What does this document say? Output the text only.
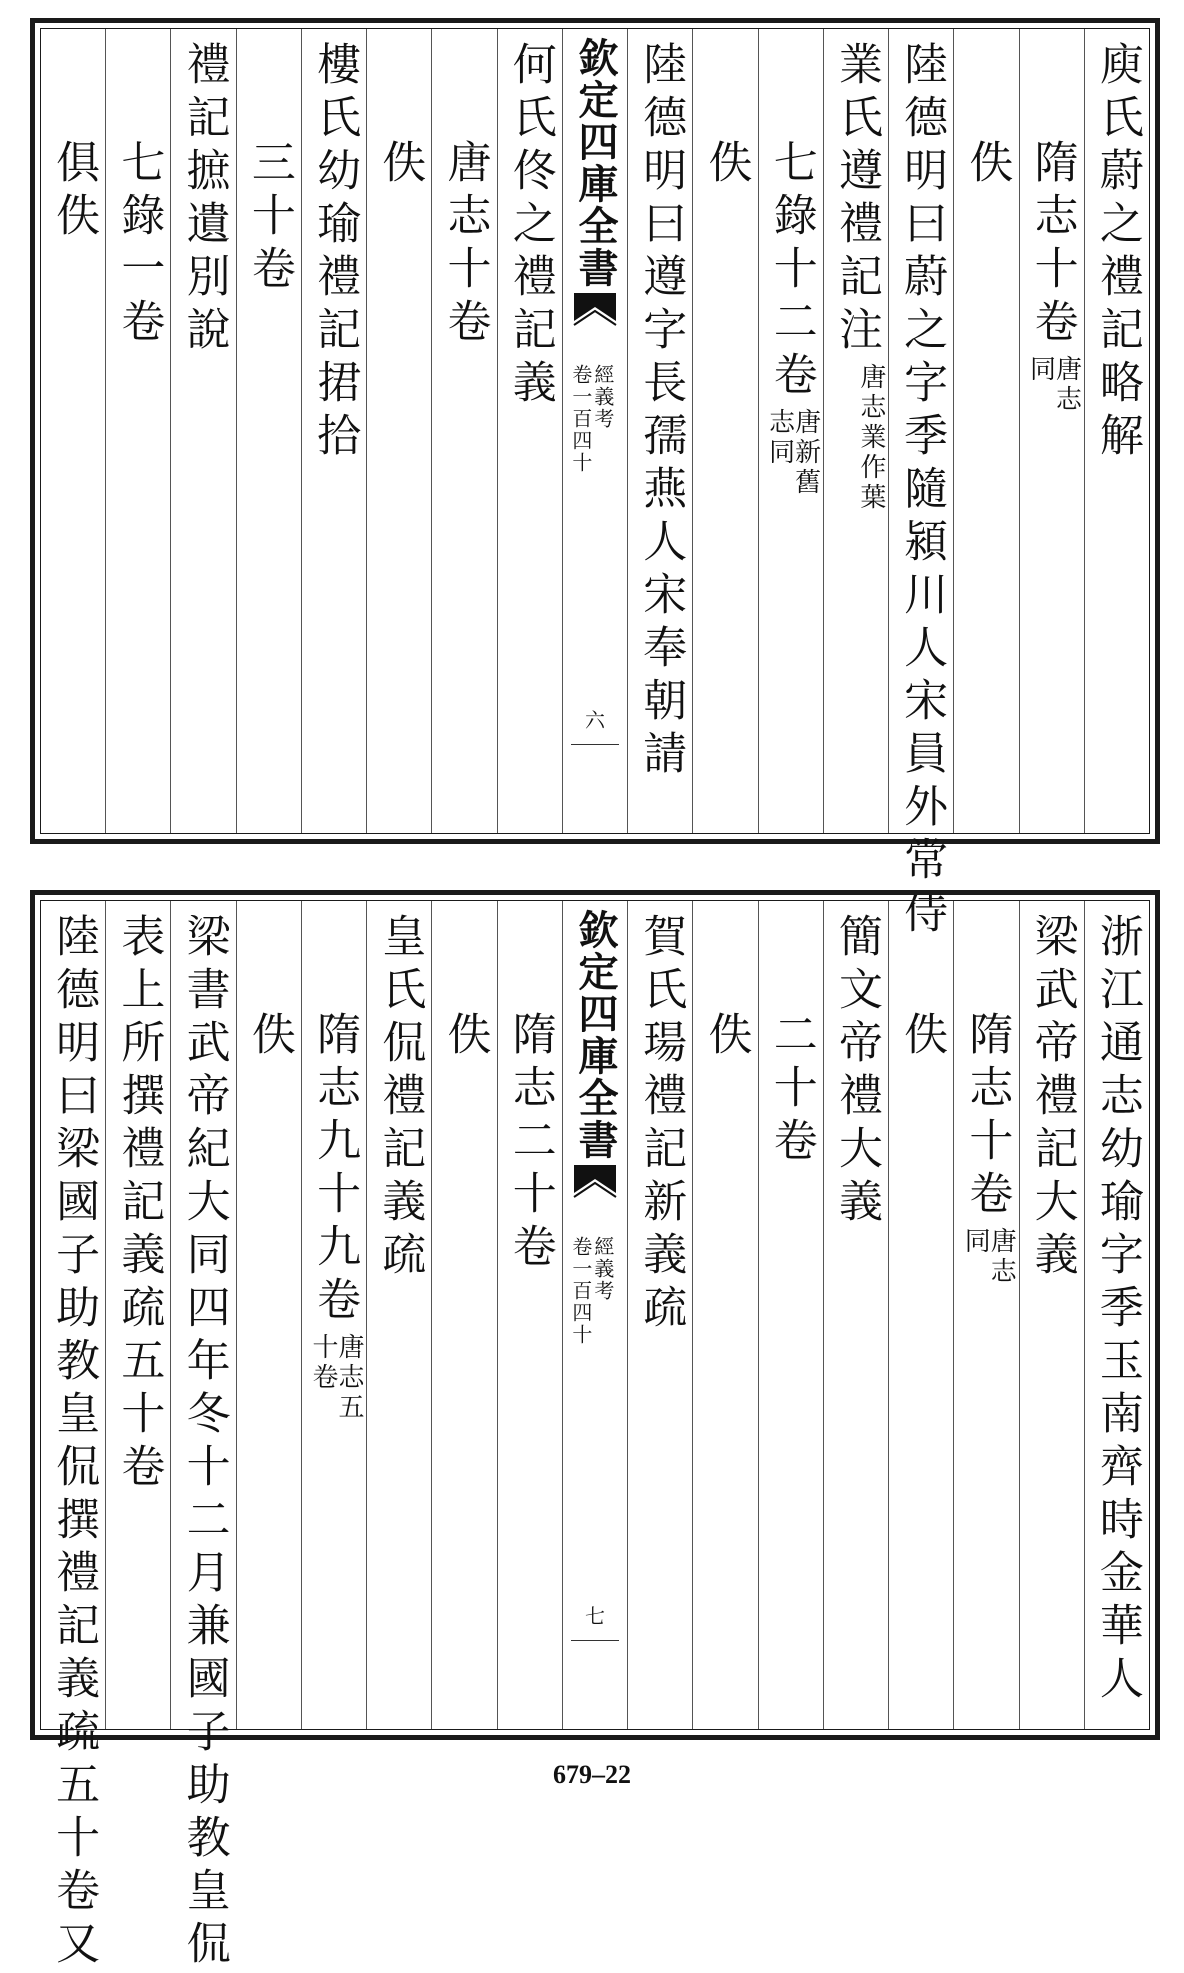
庾氏蔚之禮記略解
隋志十卷
唐志
同
佚
陸德明曰蔚之字季隨潁川人宋員外常侍
業氏遵禮記注
唐志業作葉
七錄十二卷
唐新舊
志同
佚
陸德明曰遵字長孺燕人宋奉朝請
欽定四庫全書
經義考
卷一百四十
六
何氏佟之禮記義
唐志十卷
佚
樓氏幼瑜禮記捃拾
三十卷
禮記摭遺別說
七錄一卷
俱佚
浙江通志幼瑜字季玉南齊時金華人
梁武帝禮記大義
隋志十卷
唐志
同
佚
簡文帝禮大義
二十卷
佚
賀氏瑒禮記新義疏
欽定四庫全書
經義考
卷一百四十
七
隋志二十卷
佚
皇氏侃禮記義疏
隋志九十九卷
唐志五
十卷
佚
梁書武帝紀大同四年冬十二月兼國子助教皇侃
表上所撰禮記義疏五十卷
陸德明曰梁國子助教皇侃撰禮記義疏五十卷又	679–22
